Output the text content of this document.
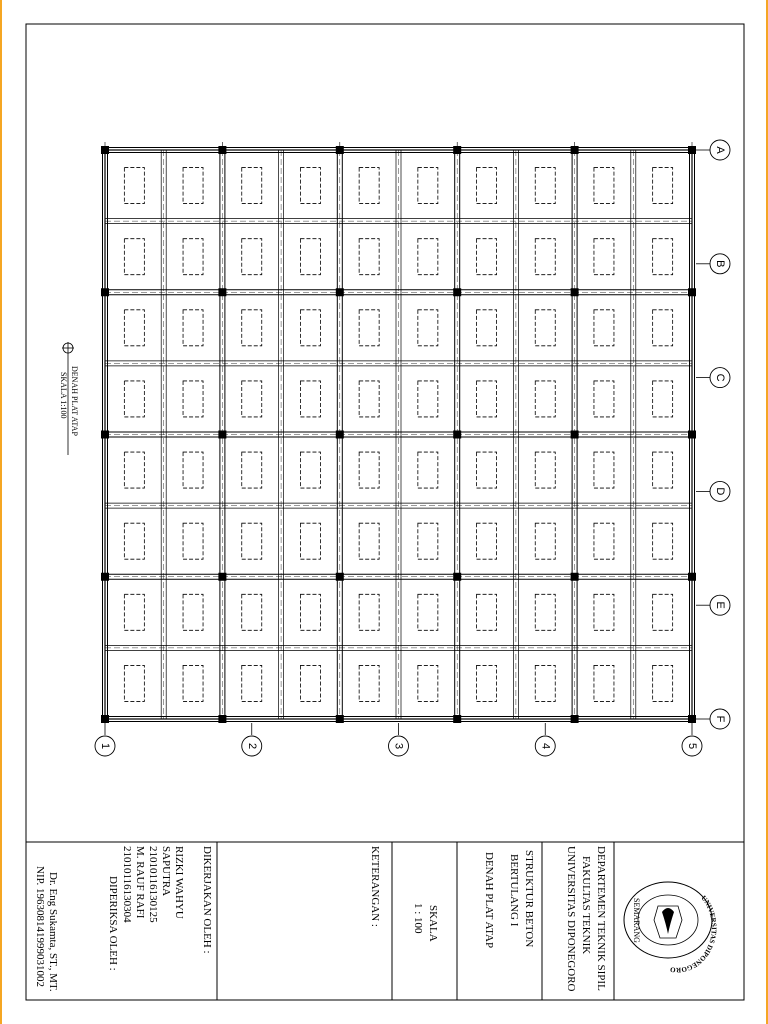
A
B
C
D
E
F
1	2	3	4	5
DENAH PLAT ATAP
SKALA 1:100
UNIVERSITAS DIPONEGORO
SEMARANG
DEPARTEMEN TEKNIK SIPIL
FAKULTAS TEKNIK
UNIVERSITAS DIPONEGORO
STRUKTUR BETON
BERTULANG I
DENAH PLAT ATAP
SKALA
1 : 100
KETERANGAN :
DIKERJAKAN OLEH :
RIZKI WAHYU
SAPUTRA
21010116130125
M. RAUF RAFI
21010116130304
DIPERIKSA OLEH :
Dr. Eng Sukamta, ST., MT.
NIP. 196308141999031002
